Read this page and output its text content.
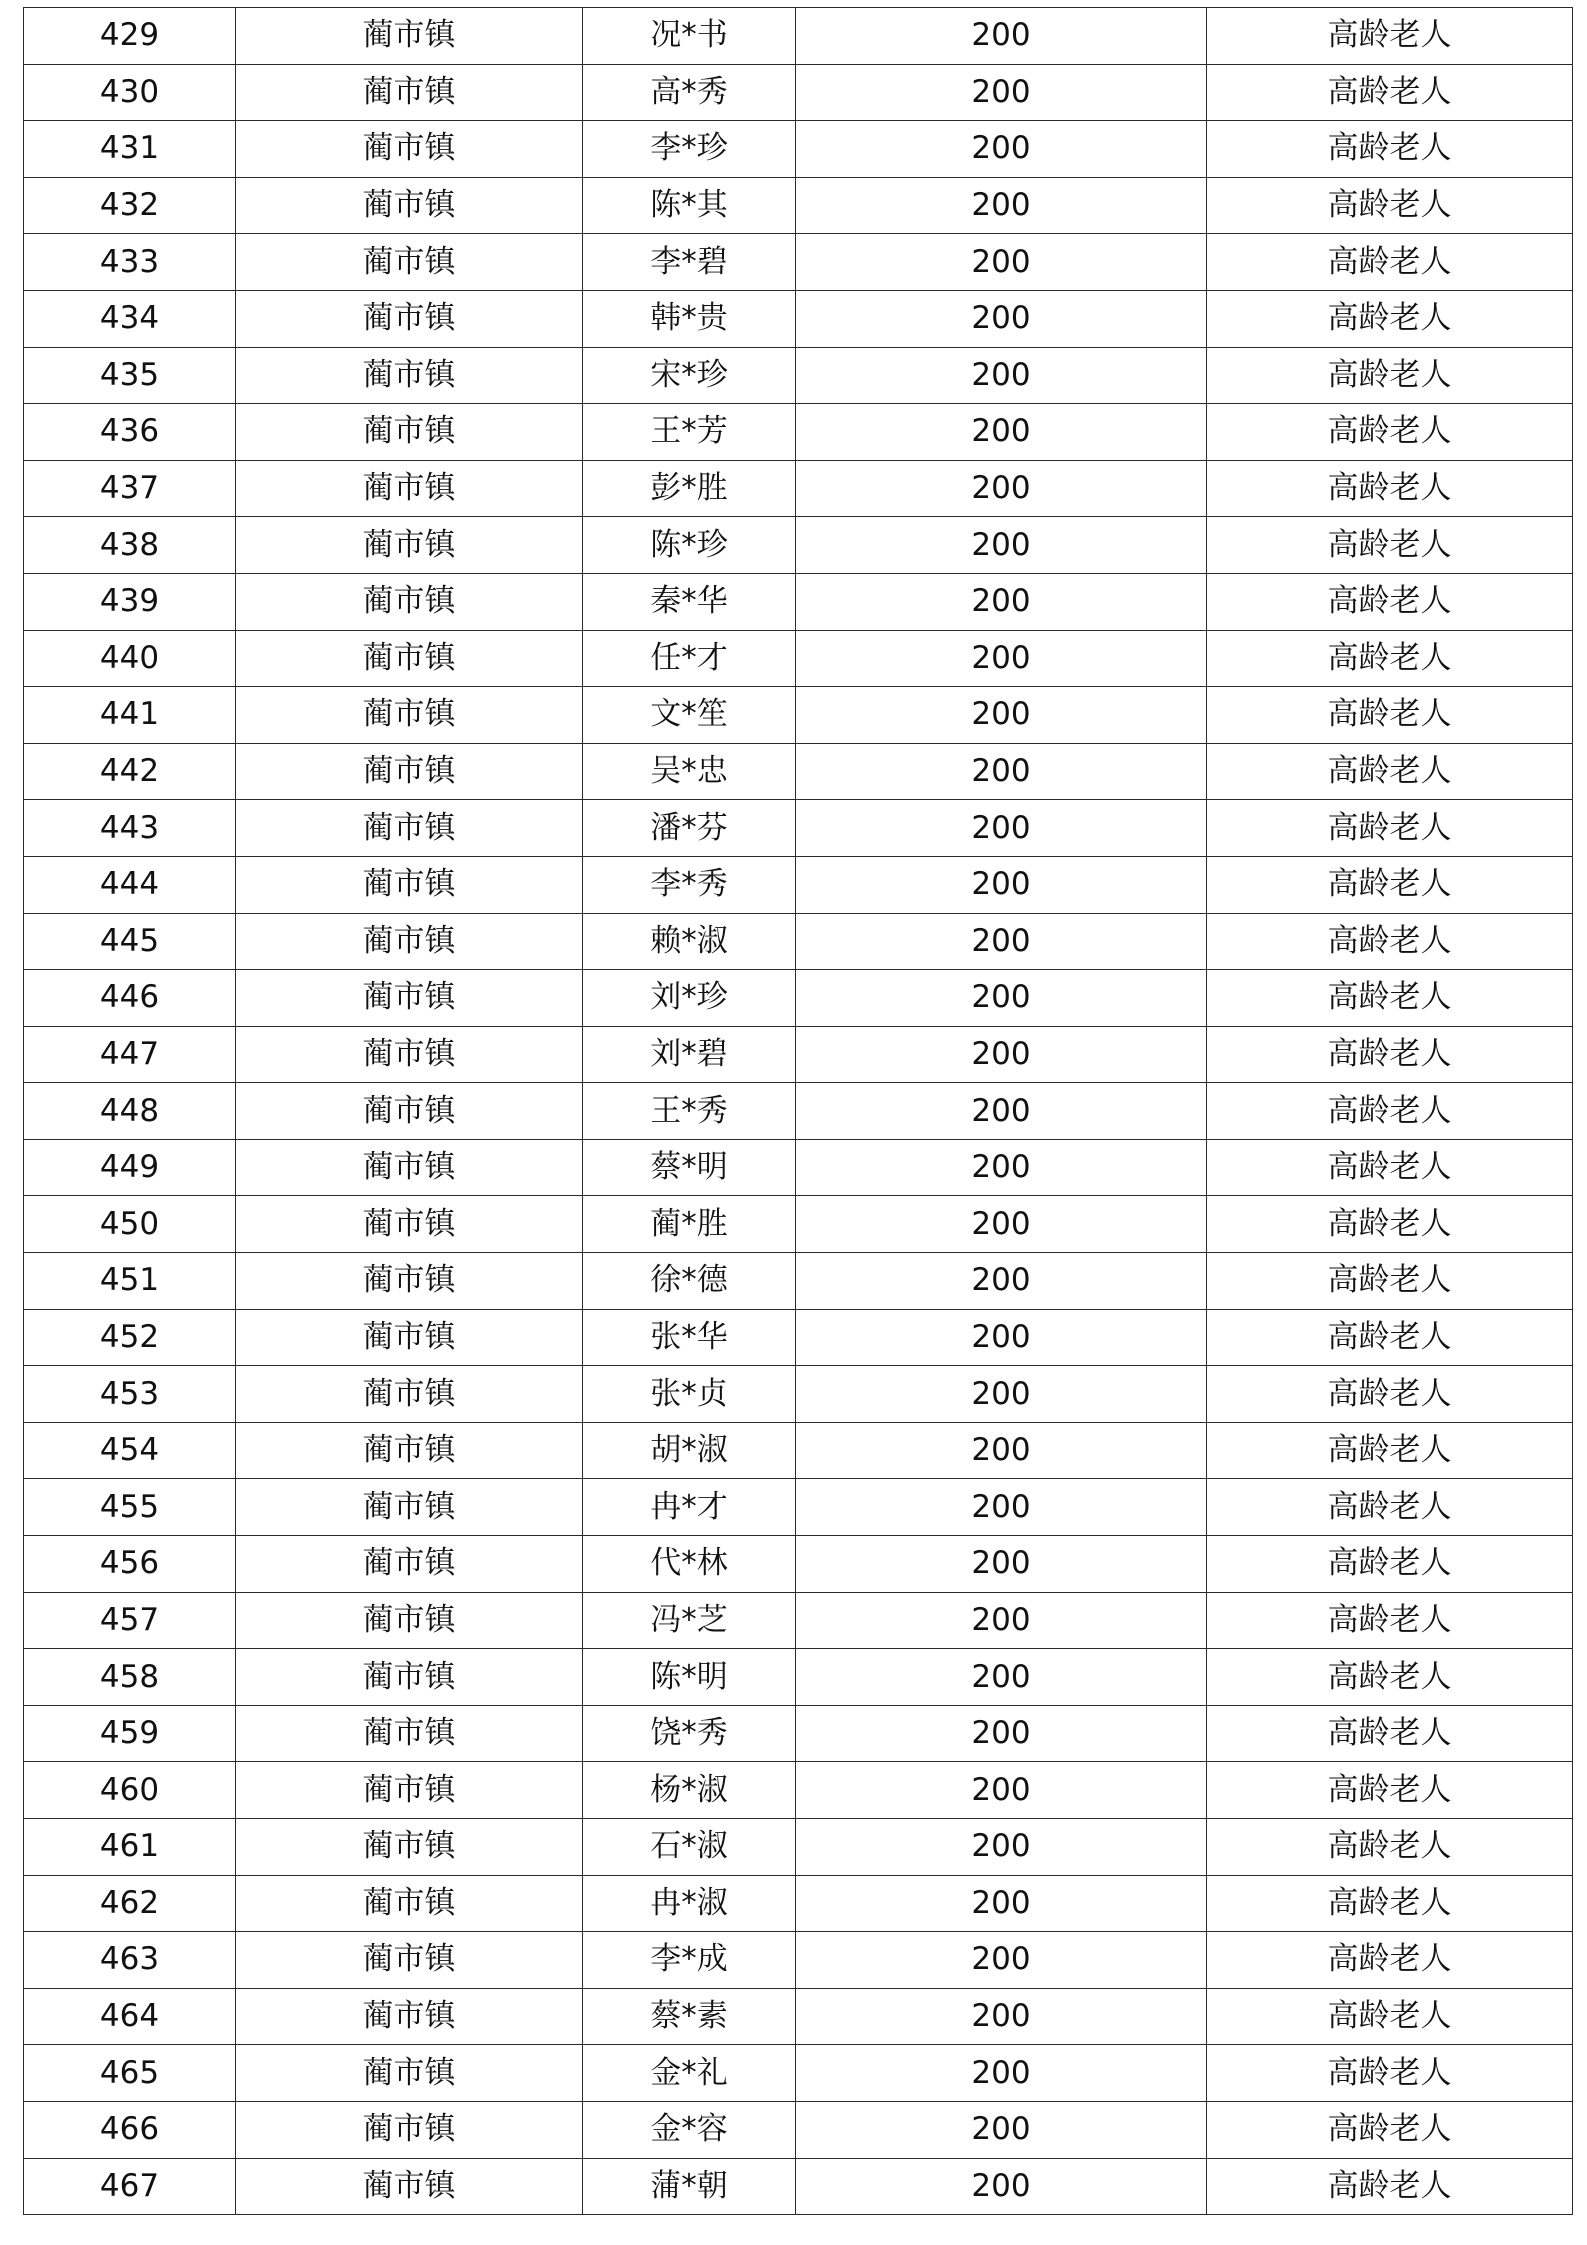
429	蔺市镇	况*书	200	高龄老人
430	蔺市镇	高*秀	200	高龄老人
431	蔺市镇	李*珍	200	高龄老人
432	蔺市镇	陈*其	200	高龄老人
433	蔺市镇	李*碧	200	高龄老人
434	蔺市镇	韩*贵	200	高龄老人
435	蔺市镇	宋*珍	200	高龄老人
436	蔺市镇	王*芳	200	高龄老人
437	蔺市镇	彭*胜	200	高龄老人
438	蔺市镇	陈*珍	200	高龄老人
439	蔺市镇	秦*华	200	高龄老人
440	蔺市镇	任*才	200	高龄老人
441	蔺市镇	文*笙	200	高龄老人
442	蔺市镇	吴*忠	200	高龄老人
443	蔺市镇	潘*芬	200	高龄老人
444	蔺市镇	李*秀	200	高龄老人
445	蔺市镇	赖*淑	200	高龄老人
446	蔺市镇	刘*珍	200	高龄老人
447	蔺市镇	刘*碧	200	高龄老人
448	蔺市镇	王*秀	200	高龄老人
449	蔺市镇	蔡*明	200	高龄老人
450	蔺市镇	蔺*胜	200	高龄老人
451	蔺市镇	徐*德	200	高龄老人
452	蔺市镇	张*华	200	高龄老人
453	蔺市镇	张*贞	200	高龄老人
454	蔺市镇	胡*淑	200	高龄老人
455	蔺市镇	冉*才	200	高龄老人
456	蔺市镇	代*林	200	高龄老人
457	蔺市镇	冯*芝	200	高龄老人
458	蔺市镇	陈*明	200	高龄老人
459	蔺市镇	饶*秀	200	高龄老人
460	蔺市镇	杨*淑	200	高龄老人
461	蔺市镇	石*淑	200	高龄老人
462	蔺市镇	冉*淑	200	高龄老人
463	蔺市镇	李*成	200	高龄老人
464	蔺市镇	蔡*素	200	高龄老人
465	蔺市镇	金*礼	200	高龄老人
466	蔺市镇	金*容	200	高龄老人
467	蔺市镇	蒲*朝	200	高龄老人
